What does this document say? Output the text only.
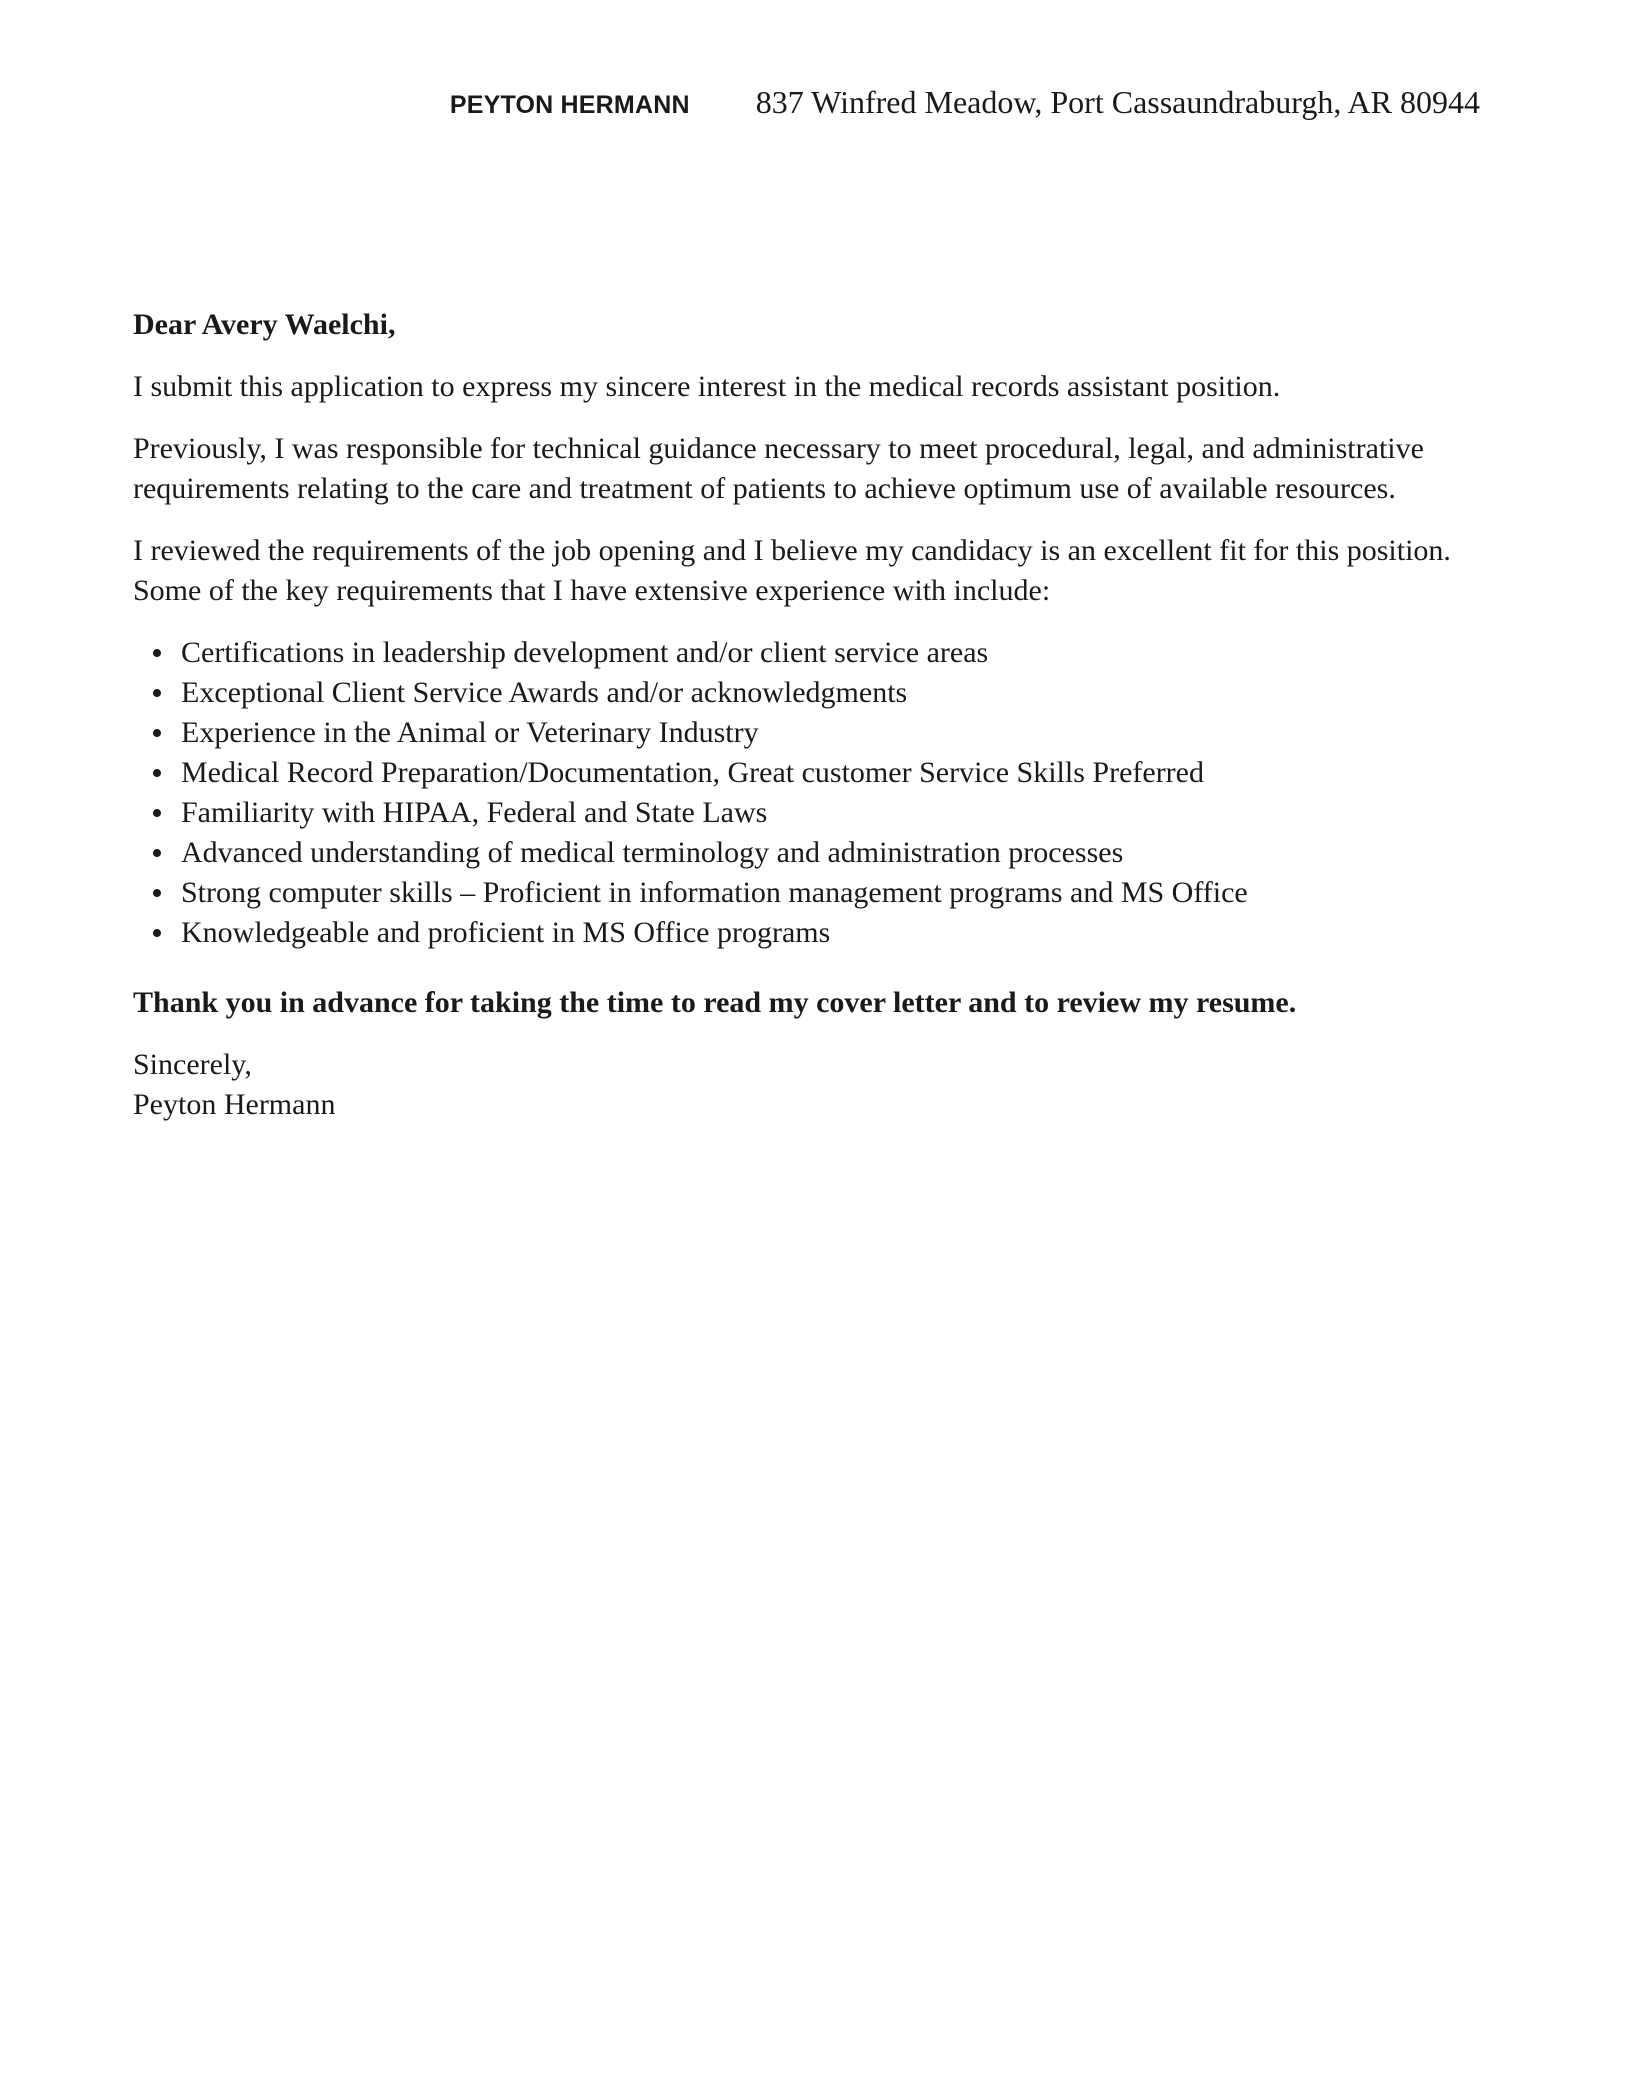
PEYTON HERMANN 837 Winfred Meadow, Port Cassaundraburgh, AR 80944

Dear Avery Waelchi,

I submit this application to express my sincere interest in the medical records assistant position.

Previously, I was responsible for technical guidance necessary to meet procedural, legal, and administrative requirements relating to the care and treatment of patients to achieve optimum use of available resources.

I reviewed the requirements of the job opening and I believe my candidacy is an excellent fit for this position. Some of the key requirements that I have extensive experience with include:

Certifications in leadership development and/or client service areas
Exceptional Client Service Awards and/or acknowledgments
Experience in the Animal or Veterinary Industry
Medical Record Preparation/Documentation, Great customer Service Skills Preferred
Familiarity with HIPAA, Federal and State Laws
Advanced understanding of medical terminology and administration processes
Strong computer skills – Proficient in information management programs and MS Office
Knowledgeable and proficient in MS Office programs

Thank you in advance for taking the time to read my cover letter and to review my resume.

Sincerely,
Peyton Hermann
